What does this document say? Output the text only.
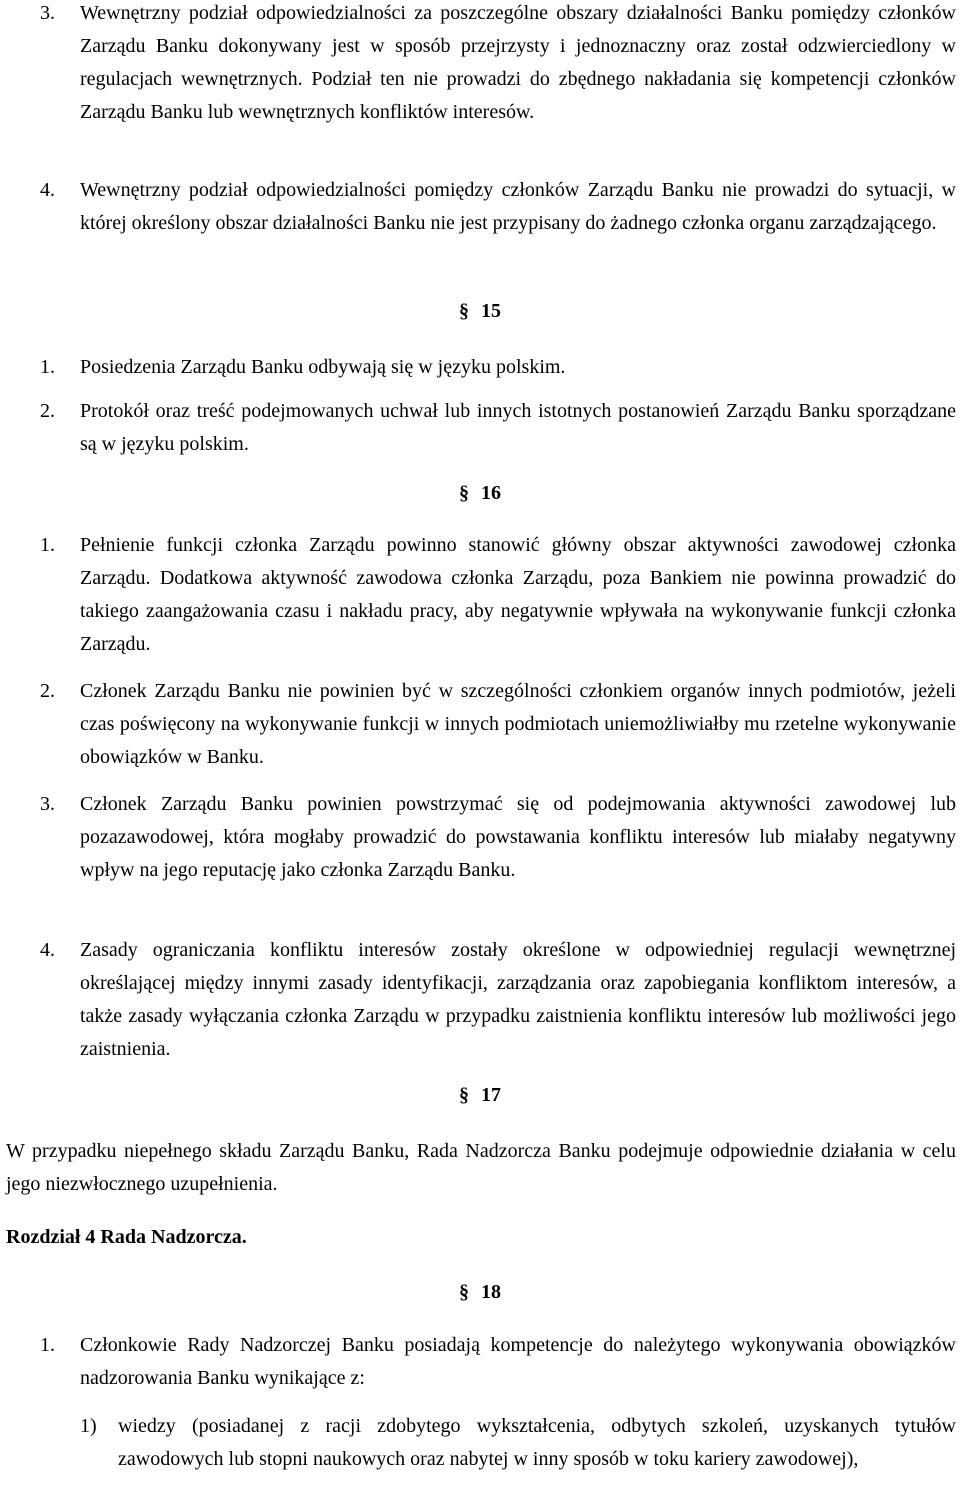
3. Wewnętrzny podział odpowiedzialności za poszczególne obszary działalności Banku pomiędzy członków Zarządu Banku dokonywany jest w sposób przejrzysty i jednoznaczny oraz został odzwierciedlony w regulacjach wewnętrznych. Podział ten nie prowadzi do zbędnego nakładania się kompetencji członków Zarządu Banku lub wewnętrznych konfliktów interesów.
4. Wewnętrzny podział odpowiedzialności pomiędzy członków Zarządu Banku nie prowadzi do sytuacji, w której określony obszar działalności Banku nie jest przypisany do żadnego członka organu zarządzającego.
§ 15
1. Posiedzenia Zarządu Banku odbywają się w języku polskim.
2. Protokół oraz treść podejmowanych uchwał lub innych istotnych postanowień Zarządu Banku sporządzane są w języku polskim.
§ 16
1. Pełnienie funkcji członka Zarządu powinno stanowić główny obszar aktywności zawodowej członka Zarządu. Dodatkowa aktywność zawodowa członka Zarządu, poza Bankiem nie powinna prowadzić do takiego zaangażowania czasu i nakładu pracy, aby negatywnie wpływała na wykonywanie funkcji członka Zarządu.
2. Członek Zarządu Banku nie powinien być w szczególności członkiem organów innych podmiotów, jeżeli czas poświęcony na wykonywanie funkcji w innych podmiotach uniemożliwiałby mu rzetelne wykonywanie obowiązków w Banku.
3. Członek Zarządu Banku powinien powstrzymać się od podejmowania aktywności zawodowej lub pozazawodowej, która mogłaby prowadzić do powstawania konfliktu interesów lub miałaby negatywny wpływ na jego reputację jako członka Zarządu Banku.
4. Zasady ograniczania konfliktu interesów zostały określone w odpowiedniej regulacji wewnętrznej określającej między innymi zasady identyfikacji, zarządzania oraz zapobiegania konfliktom interesów, a także zasady wyłączania członka Zarządu w przypadku zaistnienia konfliktu interesów lub możliwości jego zaistnienia.
§ 17
W przypadku niepełnego składu Zarządu Banku, Rada Nadzorcza Banku podejmuje odpowiednie działania w celu jego niezwłocznego uzupełnienia.
Rozdział 4 Rada Nadzorcza.
§ 18
1. Członkowie Rady Nadzorczej Banku posiadają kompetencje do należytego wykonywania obowiązków nadzorowania Banku wynikające z:
1) wiedzy (posiadanej z racji zdobytego wykształcenia, odbytych szkoleń, uzyskanych tytułów zawodowych lub stopni naukowych oraz nabytej w inny sposób w toku kariery zawodowej),
